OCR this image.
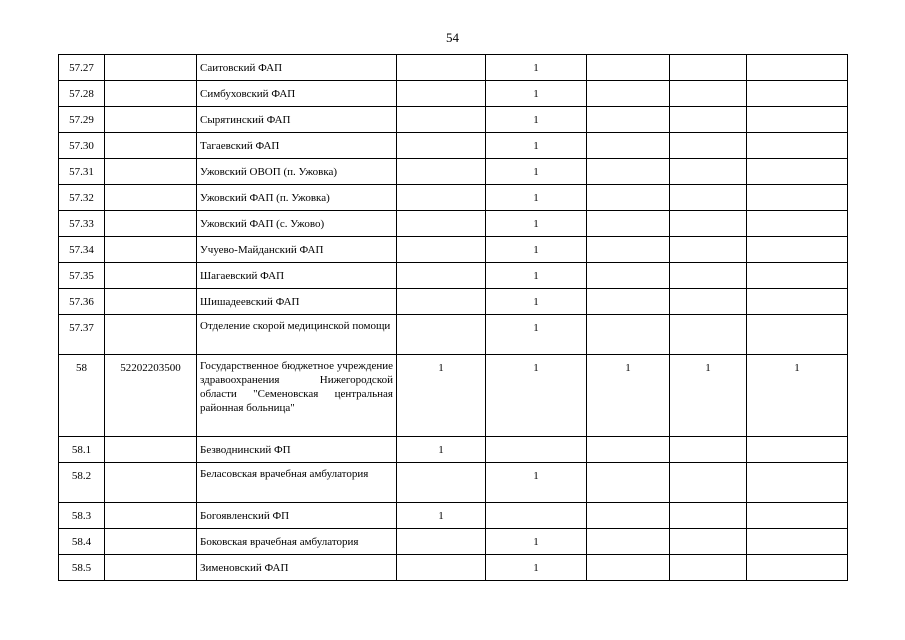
54
57.27		Саитовский ФАП		1			
57.28		Симбуховский ФАП		1			
57.29		Сырятинский ФАП		1			
57.30		Тагаевский ФАП		1			
57.31		Ужовский ОВОП (п. Ужовка)		1			
57.32		Ужовский ФАП (п. Ужовка)		1			
57.33		Ужовский ФАП (с. Ужово)		1			
57.34		Учуево-Майданский ФАП		1			
57.35		Шагаевский ФАП		1			
57.36		Шишадеевский ФАП		1			
57.37		Отделение скорой медицинской помощи		1			
58	52202203500	Государственное бюджетное учреждение здравоохранения Нижегородской области "Семеновская центральная районная больница"	1	1	1	1	1
58.1		Безводнинский ФП	1				
58.2		Беласовская врачебная амбулатория		1			
58.3		Богоявленский ФП	1				
58.4		Боковская врачебная амбулатория		1			
58.5		Зименовский ФАП		1			
